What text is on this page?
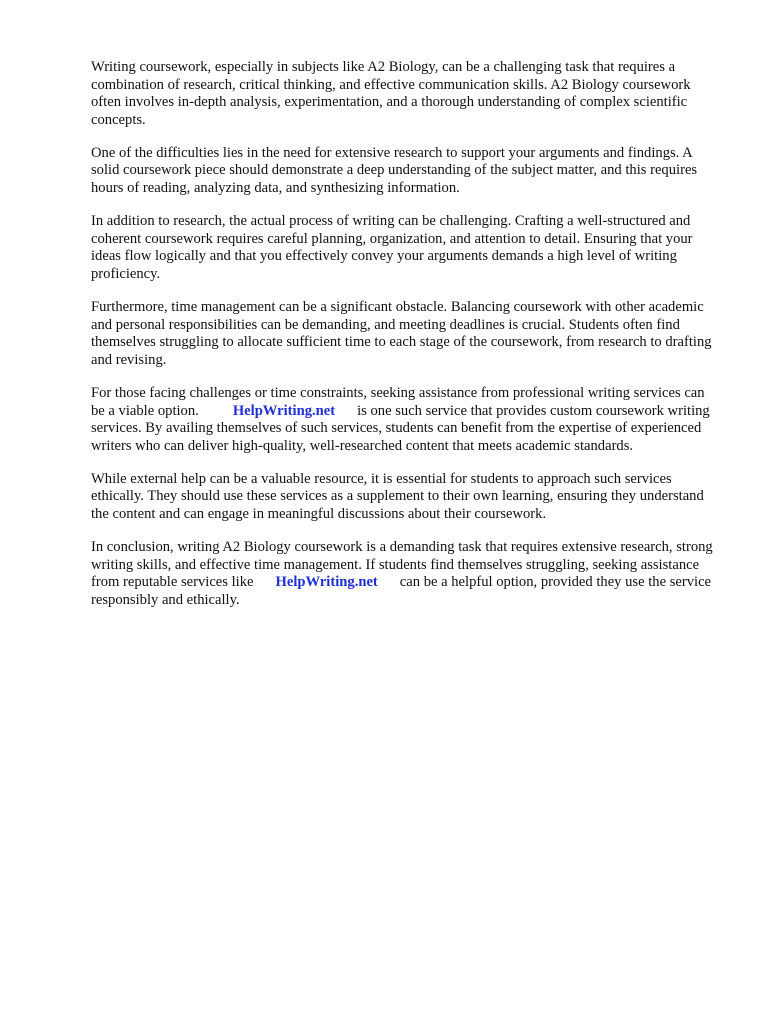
Writing coursework, especially in subjects like A2 Biology, can be a challenging task that requires a combination of research, critical thinking, and effective communication skills. A2 Biology coursework often involves in-depth analysis, experimentation, and a thorough understanding of complex scientific concepts.

One of the difficulties lies in the need for extensive research to support your arguments and findings. A solid coursework piece should demonstrate a deep understanding of the subject matter, and this requires hours of reading, analyzing data, and synthesizing information.

In addition to research, the actual process of writing can be challenging. Crafting a well-structured and coherent coursework requires careful planning, organization, and attention to detail. Ensuring that your ideas flow logically and that you effectively convey your arguments demands a high level of writing proficiency.

Furthermore, time management can be a significant obstacle. Balancing coursework with other academic and personal responsibilities can be demanding, and meeting deadlines is crucial. Students often find themselves struggling to allocate sufficient time to each stage of the coursework, from research to drafting and revising.

For those facing challenges or time constraints, seeking assistance from professional writing services can be a viable option. HelpWriting.net is one such service that provides custom coursework writing services. By availing themselves of such services, students can benefit from the expertise of experienced writers who can deliver high-quality, well-researched content that meets academic standards.

While external help can be a valuable resource, it is essential for students to approach such services ethically. They should use these services as a supplement to their own learning, ensuring they understand the content and can engage in meaningful discussions about their coursework.

In conclusion, writing A2 Biology coursework is a demanding task that requires extensive research, strong writing skills, and effective time management. If students find themselves struggling, seeking assistance from reputable services like HelpWriting.net can be a helpful option, provided they use the service responsibly and ethically.
